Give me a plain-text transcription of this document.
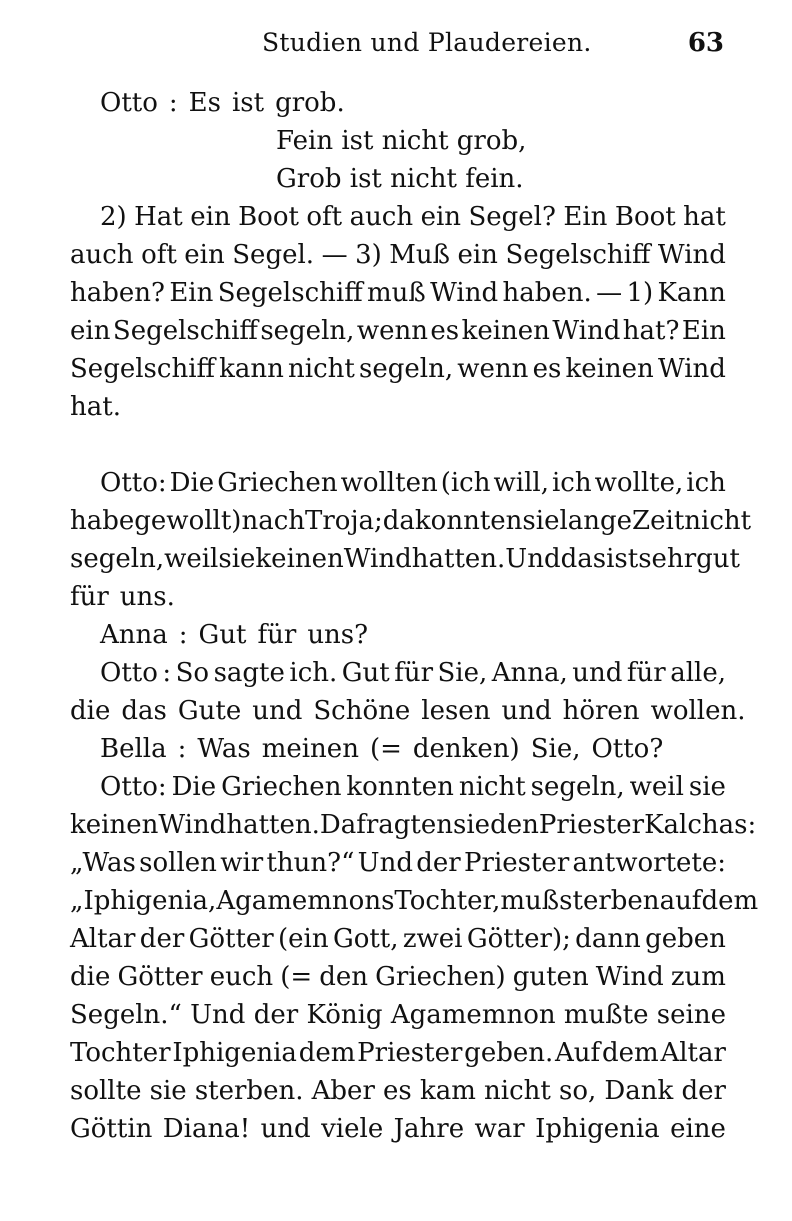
Studien und Plaudereien.	63
Otto : Es ist grob.
Fein ist nicht grob,
Grob ist nicht fein.
2) Hat ein Boot oft auch ein Segel? Ein Boot hat
auch oft ein Segel. — 3) Muß ein Segelschiff Wind
haben? Ein Segelschiff muß Wind haben. — 1) Kann
ein Segelschiff segeln, wenn es keinen Wind hat? Ein
Segelschiff kann nicht segeln, wenn es keinen Wind
hat.
Otto: Die Griechen wollten (ich will, ich wollte, ich
habe gewollt) nach Troja; da konnten sie lange Zeit nicht
segeln, weil sie keinen Wind hatten. Und das ist sehr gut
für uns.
Anna : Gut für uns?
Otto : So sagte ich. Gut für Sie, Anna, und für alle,
die das Gute und Schöne lesen und hören wollen.
Bella : Was meinen (= denken) Sie, Otto?
Otto: Die Griechen konnten nicht segeln, weil sie
keinen Wind hatten. Da fragten sie den Priester Kalchas:
„Was sollen wir thun?“ Und der Priester antwortete:
„Iphigenia, Agamemnons Tochter, muß sterben auf dem
Altar der Götter (ein Gott, zwei Götter); dann geben
die Götter euch (= den Griechen) guten Wind zum
Segeln.“ Und der König Agamemnon mußte seine
Tochter Iphigenia dem Priester geben. Auf dem Altar
sollte sie sterben. Aber es kam nicht so, Dank der
Göttin Diana! und viele Jahre war Iphigenia eine
